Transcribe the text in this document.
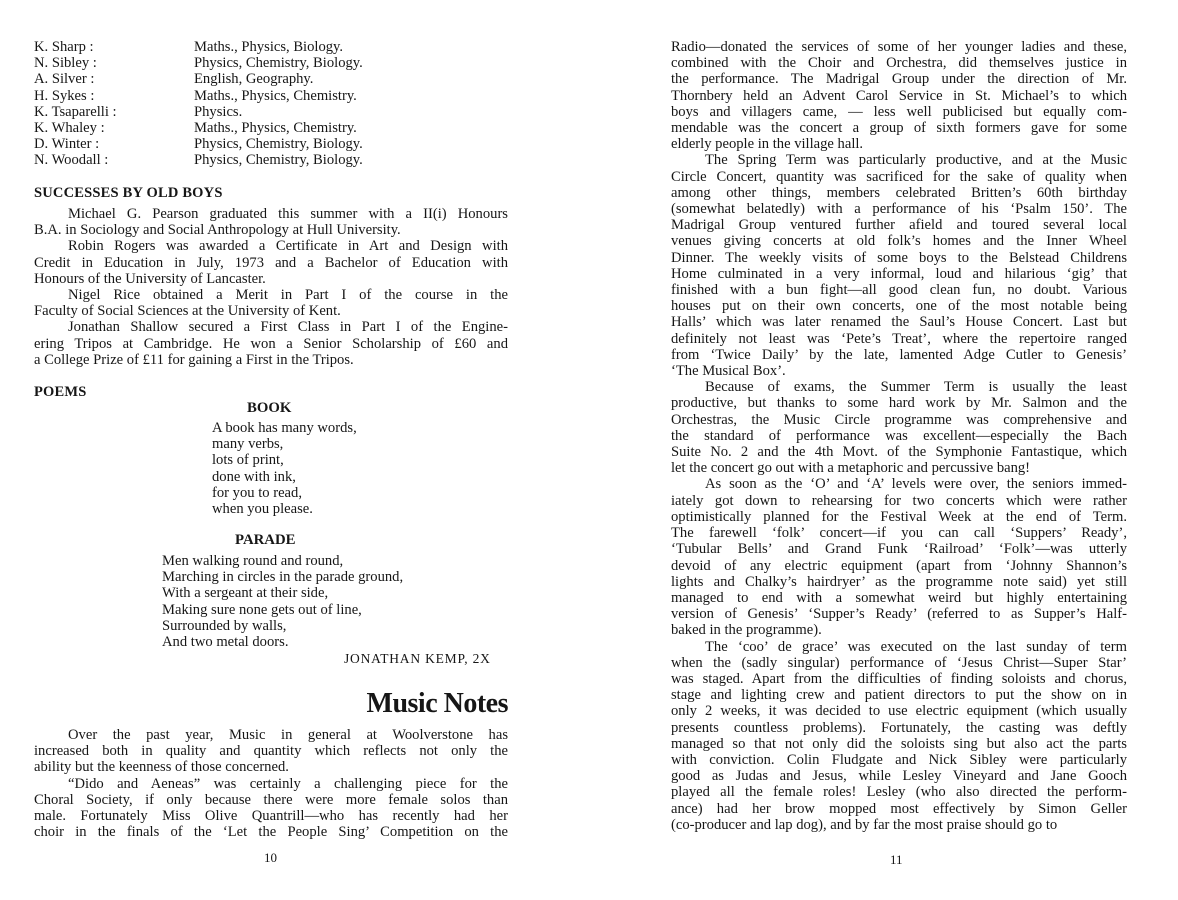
K. Sharp :	Maths., Physics, Biology.
N. Sibley :	Physics, Chemistry, Biology.
A. Silver :	English, Geography.
H. Sykes :	Maths., Physics, Chemistry.
K. Tsaparelli :	Physics.
K. Whaley :	Maths., Physics, Chemistry.
D. Winter :	Physics, Chemistry, Biology.
N. Woodall :	Physics, Chemistry, Biology.
SUCCESSES BY OLD BOYS
Michael G. Pearson graduated this summer with a II(i) Honours
B.A. in Sociology and Social Anthropology at Hull University.
Robin Rogers was awarded a Certificate in Art and Design with
Credit in Education in July, 1973 and a Bachelor of Education with
Honours of the University of Lancaster.
Nigel Rice obtained a Merit in Part I of the course in the
Faculty of Social Sciences at the University of Kent.
Jonathan Shallow secured a First Class in Part I of the Engine-
ering Tripos at Cambridge. He won a Senior Scholarship of £60 and
a College Prize of £11 for gaining a First in the Tripos.
POEMS
BOOK
A book has many words,
many verbs,
lots of print,
done with ink,
for you to read,
when you please.
PARADE
Men walking round and round,
Marching in circles in the parade ground,
With a sergeant at their side,
Making sure none gets out of line,
Surrounded by walls,
And two metal doors.
JONATHAN KEMP, 2X
Music Notes
Over the past year, Music in general at Woolverstone has
increased both in quality and quantity which reflects not only the
ability but the keenness of those concerned.
“Dido and Aeneas” was certainly a challenging piece for the
Choral Society, if only because there were more female solos than
male. Fortunately Miss Olive Quantrill—who has recently had her
choir in the finals of the ‘Let the People Sing’ Competition on the
10
Radio—donated the services of some of her younger ladies and these,
combined with the Choir and Orchestra, did themselves justice in
the performance. The Madrigal Group under the direction of Mr.
Thornbery held an Advent Carol Service in St. Michael’s to which
boys and villagers came, — less well publicised but equally com-
mendable was the concert a group of sixth formers gave for some
elderly people in the village hall.
The Spring Term was particularly productive, and at the Music
Circle Concert, quantity was sacrificed for the sake of quality when
among other things, members celebrated Britten’s 60th birthday
(somewhat belatedly) with a performance of his ‘Psalm 150’. The
Madrigal Group ventured further afield and toured several local
venues giving concerts at old folk’s homes and the Inner Wheel
Dinner. The weekly visits of some boys to the Belstead Childrens
Home culminated in a very informal, loud and hilarious ‘gig’ that
finished with a bun fight—all good clean fun, no doubt. Various
houses put on their own concerts, one of the most notable being
Halls’ which was later renamed the Saul’s House Concert. Last but
definitely not least was ‘Pete’s Treat’, where the repertoire ranged
from ‘Twice Daily’ by the late, lamented Adge Cutler to Genesis’
‘The Musical Box’.
Because of exams, the Summer Term is usually the least
productive, but thanks to some hard work by Mr. Salmon and the
Orchestras, the Music Circle programme was comprehensive and
the standard of performance was excellent—especially the Bach
Suite No. 2 and the 4th Movt. of the Symphonie Fantastique, which
let the concert go out with a metaphoric and percussive bang!
As soon as the ‘O’ and ‘A’ levels were over, the seniors immed-
iately got down to rehearsing for two concerts which were rather
optimistically planned for the Festival Week at the end of Term.
The farewell ‘folk’ concert—if you can call ‘Suppers’ Ready’,
‘Tubular Bells’ and Grand Funk ‘Railroad’ ‘Folk’—was utterly
devoid of any electric equipment (apart from ‘Johnny Shannon’s
lights and Chalky’s hairdryer’ as the programme note said) yet still
managed to end with a somewhat weird but highly entertaining
version of Genesis’ ‘Supper’s Ready’ (referred to as Supper’s Half-
baked in the programme).
The ‘coo’ de grace’ was executed on the last sunday of term
when the (sadly singular) performance of ‘Jesus Christ—Super Star’
was staged. Apart from the difficulties of finding soloists and chorus,
stage and lighting crew and patient directors to put the show on in
only 2 weeks, it was decided to use electric equipment (which usually
presents countless problems). Fortunately, the casting was deftly
managed so that not only did the soloists sing but also act the parts
with conviction. Colin Fludgate and Nick Sibley were particularly
good as Judas and Jesus, while Lesley Vineyard and Jane Gooch
played all the female roles! Lesley (who also directed the perform-
ance) had her brow mopped most effectively by Simon Geller
(co-producer and lap dog), and by far the most praise should go to
11
